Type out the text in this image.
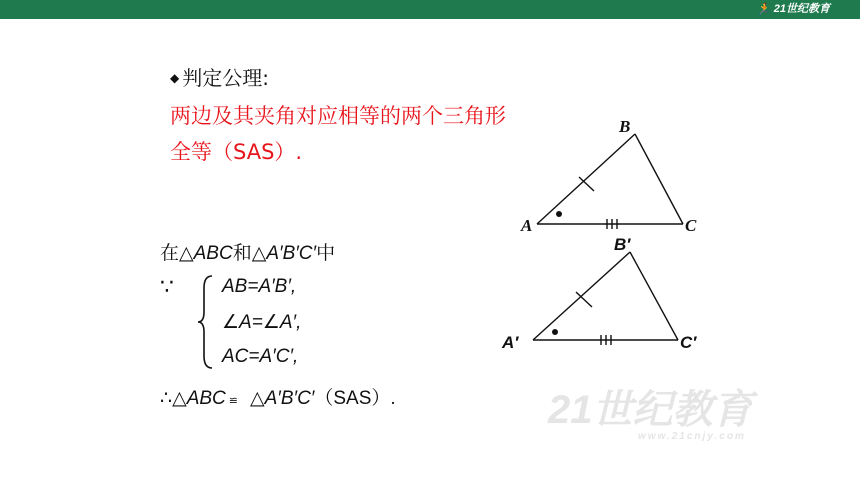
🏃 21世纪教育
www.21cnjy.com
◆ 判定公理:
两边及其夹角对应相等的两个三角形
全等（SAS）.
在△ABC和△A′B′C′中
∵	AB=A′B′,
∠A=∠A′,
AC=A′C′,
∴△ABC ≌ △A′B′C′（SAS）.
B
A	C
B′
A′	C′
21世纪教育
www.21cnjy.com
